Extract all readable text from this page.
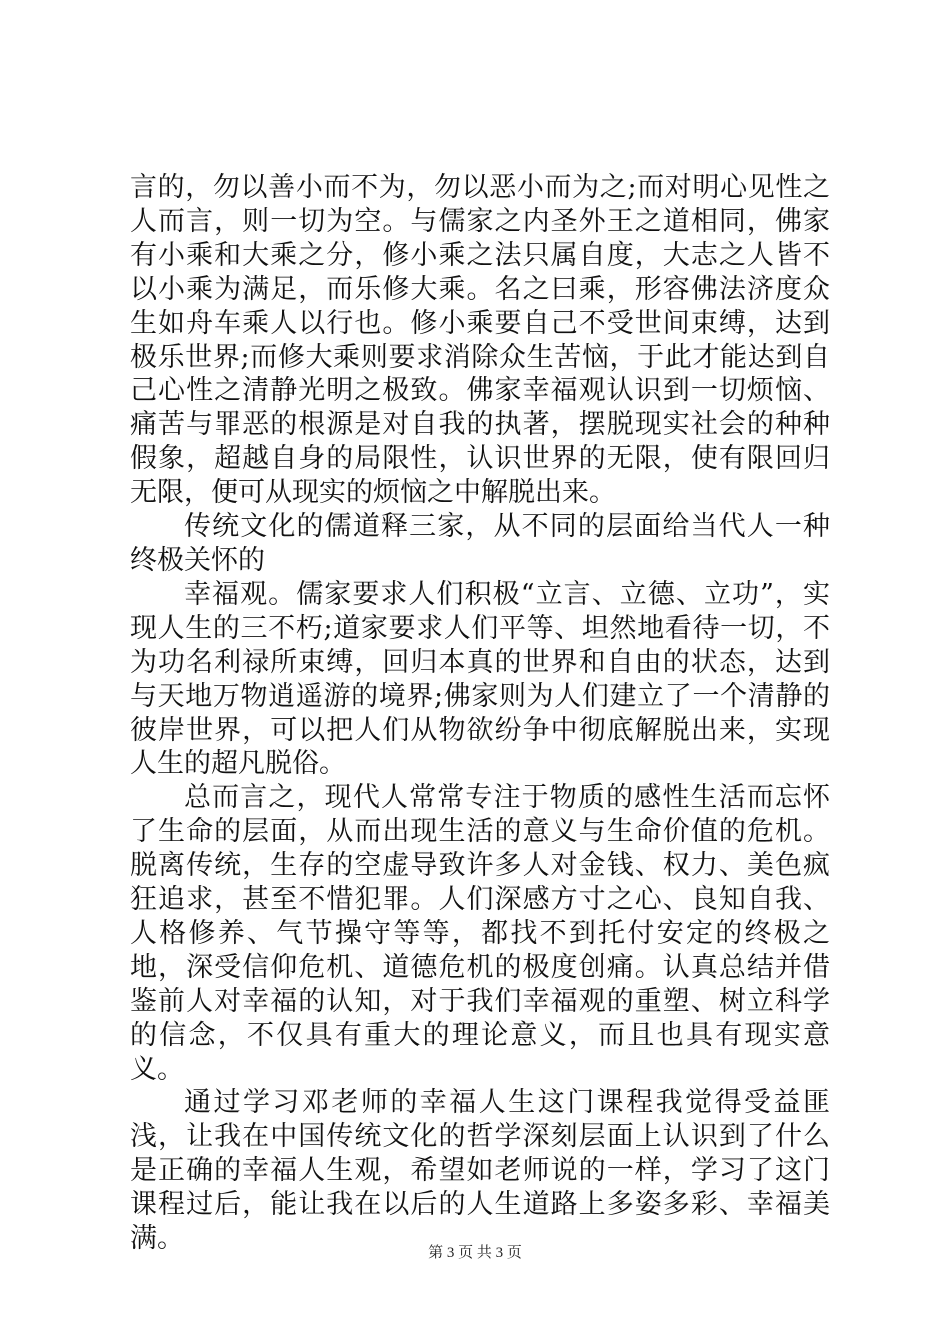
言的，勿以善小而不为，勿以恶小而为之;而对明心见性之人而言，则一切为空。与儒家之内圣外王之道相同，佛家有小乘和大乘之分，修小乘之法只属自度，大志之人皆不以小乘为满足，而乐修大乘。名之曰乘，形容佛法济度众生如舟车乘人以行也。修小乘要自己不受世间束缚，达到极乐世界;而修大乘则要求消除众生苦恼，于此才能达到自己心性之清静光明之极致。佛家幸福观认识到一切烦恼、痛苦与罪恶的根源是对自我的执著，摆脱现实社会的种种假象，超越自身的局限性，认识世界的无限，使有限回归无限，便可从现实的烦恼之中解脱出来。

传统文化的儒道释三家，从不同的层面给当代人一种终极关怀的

幸福观。儒家要求人们积极“立言、立德、立功”，实现人生的三不朽;道家要求人们平等、坦然地看待一切，不为功名利禄所束缚，回归本真的世界和自由的状态，达到与天地万物逍遥游的境界;佛家则为人们建立了一个清静的彼岸世界，可以把人们从物欲纷争中彻底解脱出来，实现人生的超凡脱俗。

总而言之，现代人常常专注于物质的感性生活而忘怀了生命的层面，从而出现生活的意义与生命价值的危机。脱离传统，生存的空虚导致许多人对金钱、权力、美色疯狂追求，甚至不惜犯罪。人们深感方寸之心、良知自我、人格修养、气节操守等等，都找不到托付安定的终极之地，深受信仰危机、道德危机的极度创痛。认真总结并借鉴前人对幸福的认知，对于我们幸福观的重塑、树立科学的信念，不仅具有重大的理论意义，而且也具有现实意义。

通过学习邓老师的幸福人生这门课程我觉得受益匪浅，让我在中国传统文化的哲学深刻层面上认识到了什么是正确的幸福人生观，希望如老师说的一样，学习了这门课程过后，能让我在以后的人生道路上多姿多彩、幸福美满。	第 3 页 共 3 页
